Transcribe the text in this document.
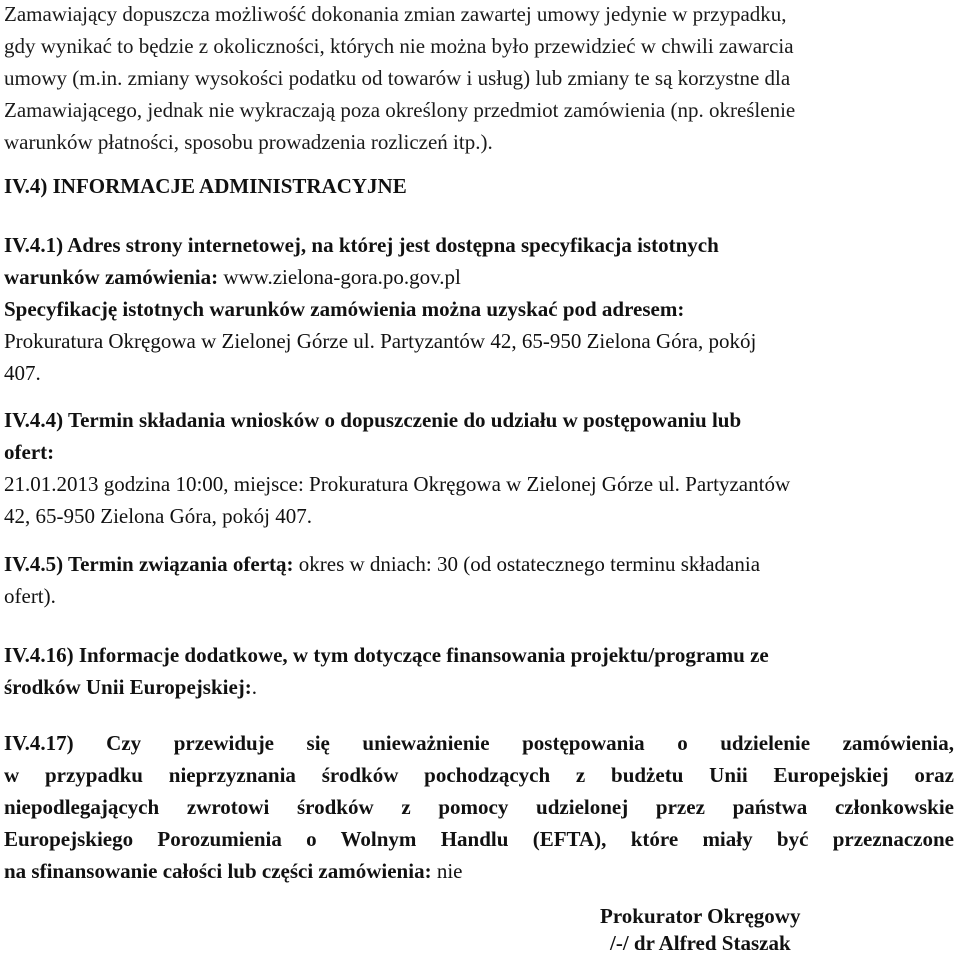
Zamawiający dopuszcza możliwość dokonania zmian zawartej umowy jedynie w przypadku,
gdy wynikać to będzie z okoliczności, których nie można było przewidzieć w chwili zawarcia
umowy (m.in. zmiany wysokości podatku od towarów i usług) lub zmiany te są korzystne dla
Zamawiającego, jednak nie wykraczają poza określony przedmiot zamówienia (np. określenie
warunków płatności, sposobu prowadzenia rozliczeń itp.).
IV.4) INFORMACJE ADMINISTRACYJNE
IV.4.1) Adres strony internetowej, na której jest dostępna specyfikacja istotnych
warunków zamówienia: www.zielona-gora.po.gov.pl
Specyfikację istotnych warunków zamówienia można uzyskać pod adresem:
Prokuratura Okręgowa w Zielonej Górze ul. Partyzantów 42, 65-950 Zielona Góra, pokój
407.
IV.4.4) Termin składania wniosków o dopuszczenie do udziału w postępowaniu lub
ofert:
21.01.2013 godzina 10:00, miejsce: Prokuratura Okręgowa w Zielonej Górze ul. Partyzantów
42, 65-950 Zielona Góra, pokój 407.
IV.4.5) Termin związania ofertą: okres w dniach: 30 (od ostatecznego terminu składania
ofert).
IV.4.16) Informacje dodatkowe, w tym dotyczące finansowania projektu/programu ze
środków Unii Europejskiej:.
IV.4.17) Czy przewiduje się unieważnienie postępowania o udzielenie zamówienia,
w przypadku nieprzyznania środków pochodzących z budżetu Unii Europejskiej oraz
niepodlegających zwrotowi środków z pomocy udzielonej przez państwa członkowskie
Europejskiego Porozumienia o Wolnym Handlu (EFTA), które miały być przeznaczone
na sfinansowanie całości lub części zamówienia: nie
Prokurator Okręgowy
/-/ dr Alfred Staszak
